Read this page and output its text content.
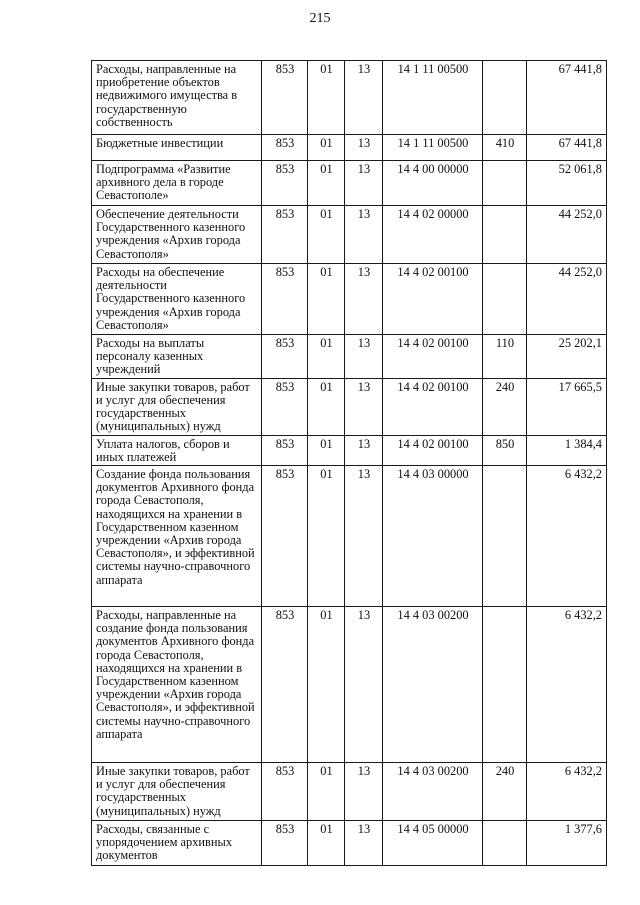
215
Расходы, направленные на приобретение объектов недвижимого имущества в государственную собственность	853	01	13	14 1 11 00500		67 441,8
Бюджетные инвестиции	853	01	13	14 1 11 00500	410	67 441,8
Подпрограмма «Развитие архивного дела в городе Севастополе»	853	01	13	14 4 00 00000		52 061,8
Обеспечение деятельности Государственного казенного учреждения «Архив города Севастополя»	853	01	13	14 4 02 00000		44 252,0
Расходы на обеспечение деятельности Государственного казенного учреждения «Архив города Севастополя»	853	01	13	14 4 02 00100		44 252,0
Расходы на выплаты персоналу казенных учреждений	853	01	13	14 4 02 00100	110	25 202,1
Иные закупки товаров, работ и услуг для обеспечения государственных (муниципальных) нужд	853	01	13	14 4 02 00100	240	17 665,5
Уплата налогов, сборов и иных платежей	853	01	13	14 4 02 00100	850	1 384,4
Создание фонда пользования документов Архивного фонда города Севастополя, находящихся на хранении в Государственном казенном учреждении «Архив города Севастополя», и эффективной системы научно-справочного аппарата	853	01	13	14 4 03 00000		6 432,2
Расходы, направленные на создание фонда пользования документов Архивного фонда города Севастополя, находящихся на хранении в Государственном казенном учреждении «Архив города Севастополя», и эффективной системы научно-справочного аппарата	853	01	13	14 4 03 00200		6 432,2
Иные закупки товаров, работ и услуг для обеспечения государственных (муниципальных) нужд	853	01	13	14 4 03 00200	240	6 432,2
Расходы, связанные с упорядочением архивных документов	853	01	13	14 4 05 00000		1 377,6
